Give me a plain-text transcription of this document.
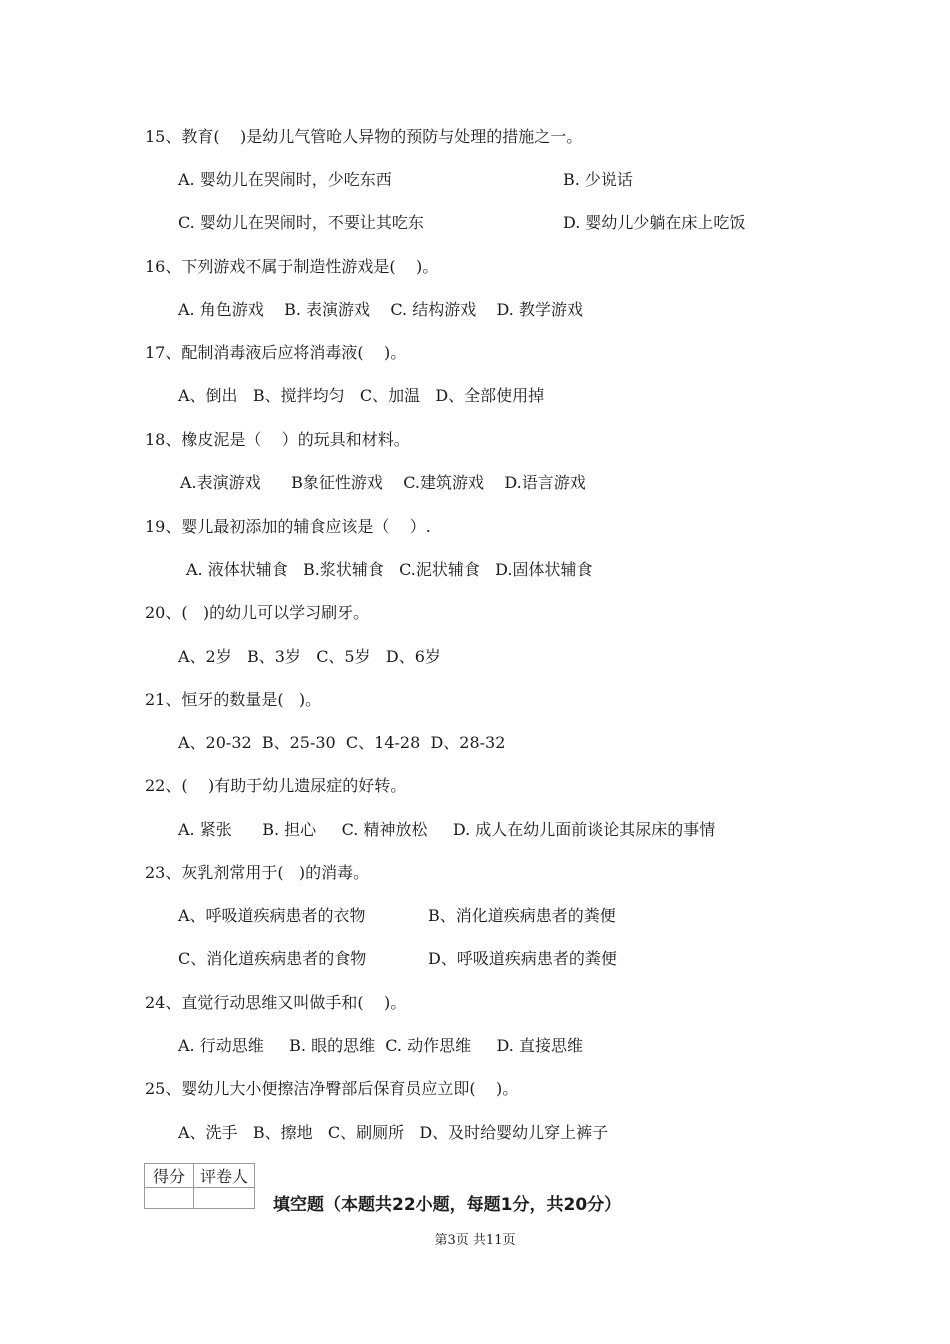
15、教育(    )是幼儿气管呛人异物的预防与处理的措施之一。
A. 婴幼儿在哭闹时，少吃东西	B. 少说话
C. 婴幼儿在哭闹时，不要让其吃东	D. 婴幼儿少躺在床上吃饭
16、下列游戏不属于制造性游戏是(    )。
A. 角色游戏    B. 表演游戏    C. 结构游戏    D. 教学游戏
17、配制消毒液后应将消毒液(    )。
A、倒出   B、搅拌均匀   C、加温   D、全部使用掉
18、橡皮泥是（    ）的玩具和材料。
A.表演游戏      B象征性游戏    C.建筑游戏    D.语言游戏
19、婴儿最初添加的辅食应该是（    ）.
A. 液体状辅食   B.浆状辅食   C.泥状辅食   D.固体状辅食
20、(   )的幼儿可以学习刷牙。
A、2岁   B、3岁   C、5岁   D、6岁
21、恒牙的数量是(   )。
A、20-32  B、25-30  C、14-28  D、28-32
22、(    )有助于幼儿遗尿症的好转。
A. 紧张      B. 担心     C. 精神放松     D. 成人在幼儿面前谈论其尿床的事情
23、灰乳剂常用于(   )的消毒。
A、呼吸道疾病患者的衣物	B、消化道疾病患者的粪便
C、消化道疾病患者的食物	D、呼吸道疾病患者的粪便
24、直觉行动思维又叫做手和(    )。
A. 行动思维     B. 眼的思维  C. 动作思维     D. 直接思维
25、婴幼儿大小便擦洁净臀部后保育员应立即(    )。
A、洗手   B、擦地   C、刷厕所   D、及时给婴幼儿穿上裤子
得分	评卷人

填空题（本题共22小题，每题1分，共20分）
第3页 共11页
